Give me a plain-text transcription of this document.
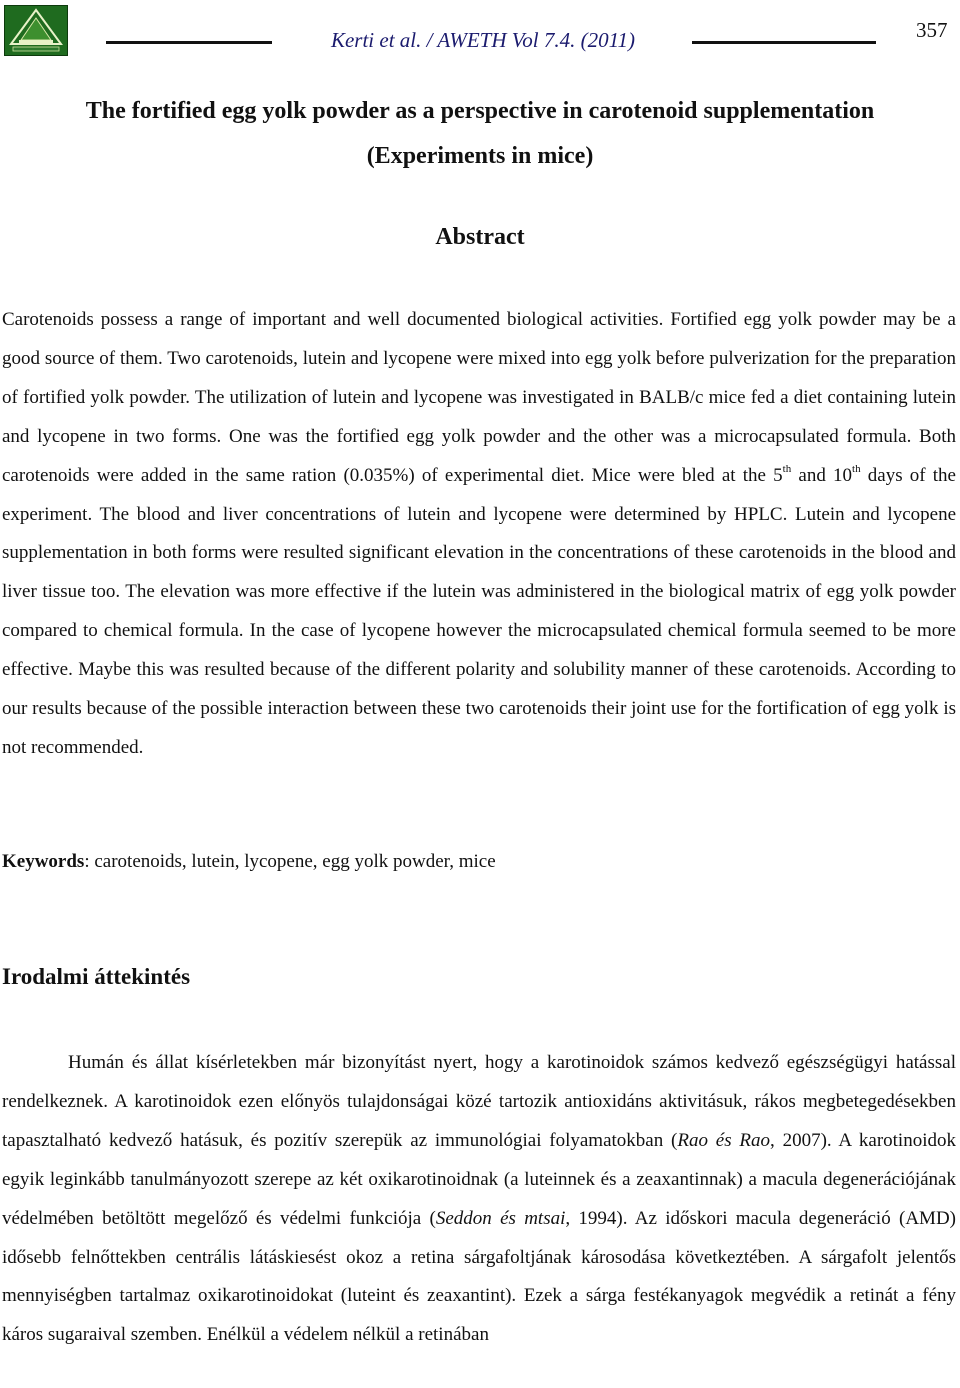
Kerti et al. / AWETH Vol 7.4. (2011)	357
The fortified egg yolk powder as a perspective in carotenoid supplementation
(Experiments in mice)
Abstract

Carotenoids possess a range of important and well documented biological activities. Fortified egg yolk powder may be a good source of them. Two carotenoids, lutein and lycopene were mixed into egg yolk before pulverization for the preparation of fortified yolk powder. The utilization of lutein and lycopene was investigated in BALB/c mice fed a diet containing lutein and lycopene in two forms. One was the fortified egg yolk powder and the other was a microcapsulated formula. Both carotenoids were added in the same ration (0.035%) of experimental diet. Mice were bled at the 5th and 10th days of the experiment. The blood and liver concentrations of lutein and lycopene were determined by HPLC. Lutein and lycopene supplementation in both forms were resulted significant elevation in the concentrations of these carotenoids in the blood and liver tissue too. The elevation was more effective if the lutein was administered in the biological matrix of egg yolk powder compared to chemical formula. In the case of lycopene however the microcapsulated chemical formula seemed to be more effective. Maybe this was resulted because of the different polarity and solubility manner of these carotenoids. According to our results because of the possible interaction between these two carotenoids their joint use for the fortification of egg yolk is not recommended.

Keywords: carotenoids, lutein, lycopene, egg yolk powder, mice

Irodalmi áttekintés

Humán és állat kísérletekben már bizonyítást nyert, hogy a karotinoidok számos kedvező egészségügyi hatással rendelkeznek. A karotinoidok ezen előnyös tulajdonságai közé tartozik antioxidáns aktivitásuk, rákos megbetegedésekben tapasztalható kedvező hatásuk, és pozitív szerepük az immunológiai folyamatokban (Rao és Rao, 2007). A karotinoidok egyik leginkább tanulmányozott szerepe az két oxikarotinoidnak (a luteinnek és a zeaxantinnak) a macula degenerációjának védelmében betöltött megelőző és védelmi funkciója (Seddon és mtsai, 1994). Az időskori macula degeneráció (AMD) idősebb felnőttekben centrális látáskiesést okoz a retina sárgafoltjának károsodása következtében. A sárgafolt jelentős mennyiségben tartalmaz oxikarotinoidokat (luteint és zeaxantint). Ezek a sárga festékanyagok megvédik a retinát a fény káros sugaraival szemben. Enélkül a védelem nélkül a retinában
